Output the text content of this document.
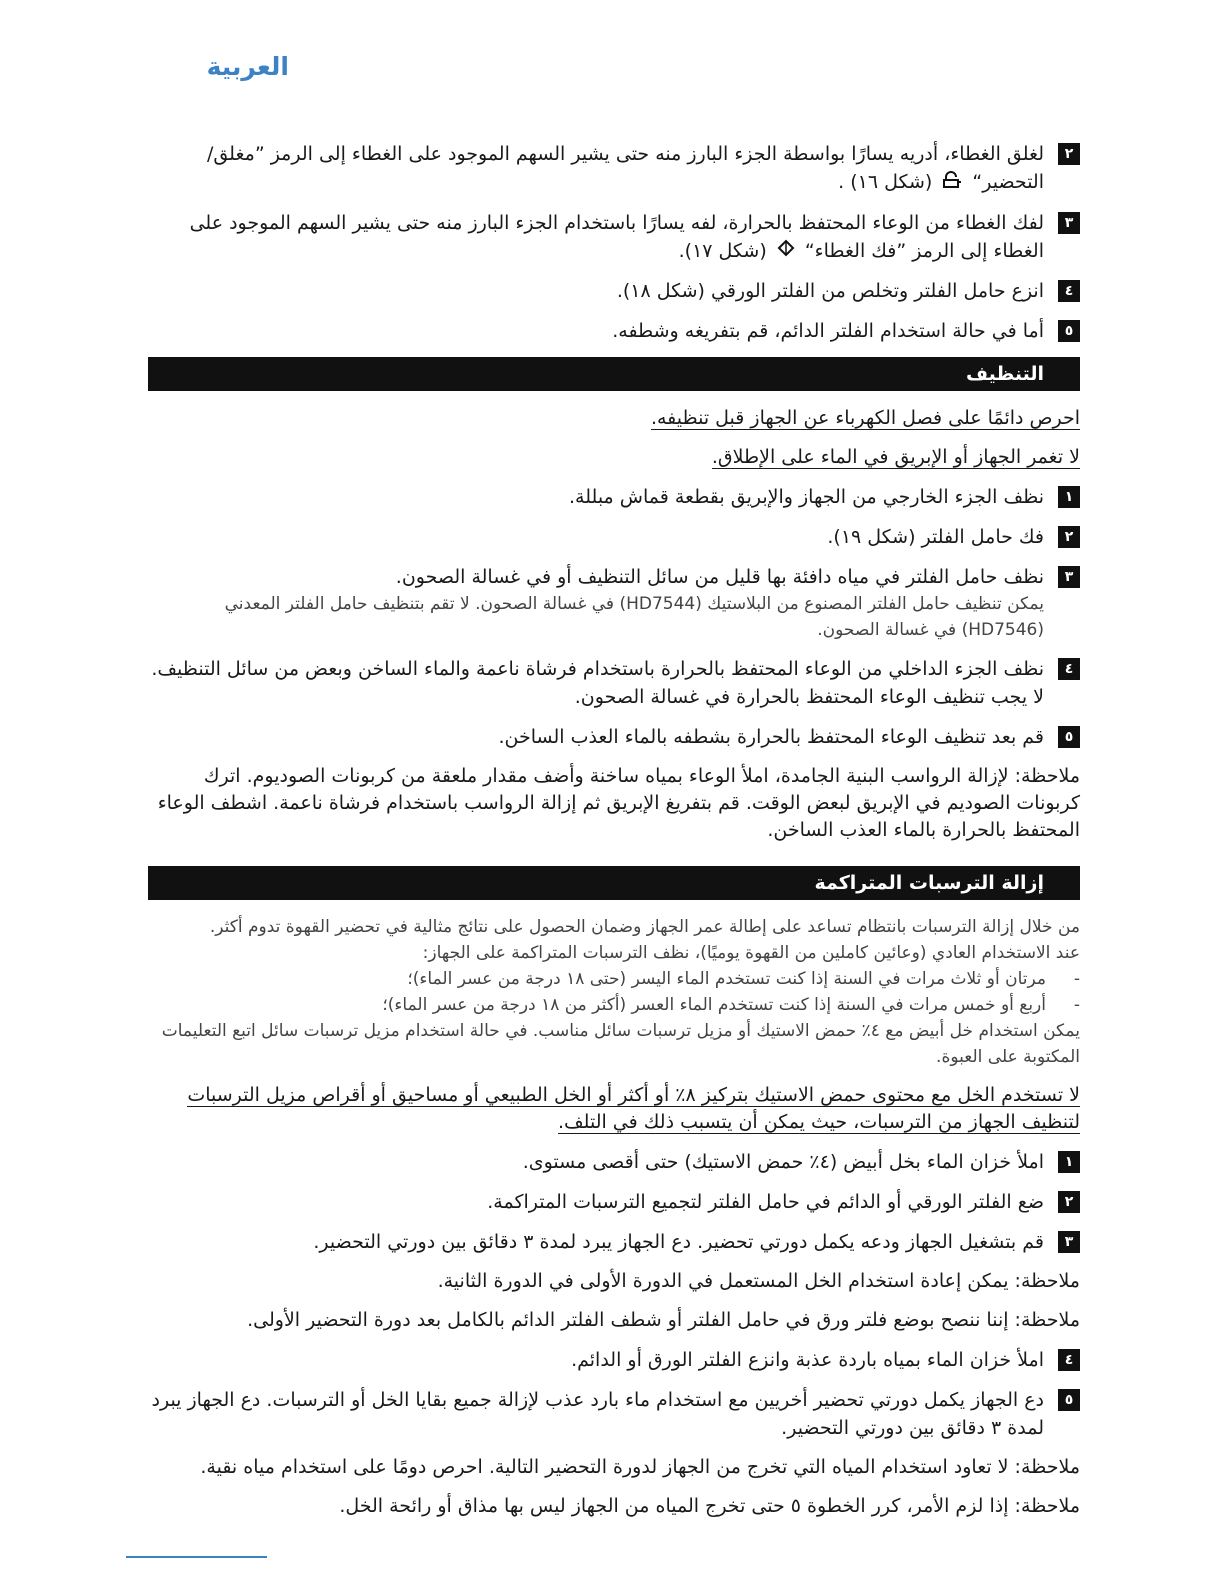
العربية
٢
لغلق الغطاء، أدريه يسارًا بواسطة الجزء البارز منه حتى يشير السهم الموجود على الغطاء إلى الرمز ”مغلق/التحضير“  (شكل ١٦) .
٣
لفك الغطاء من الوعاء المحتفظ بالحرارة، لفه يسارًا باستخدام الجزء البارز منه حتى يشير السهم الموجود على الغطاء إلى الرمز ”فك الغطاء“  (شكل ١٧).
٤
انزع حامل الفلتر وتخلص من الفلتر الورقي (شكل ١٨).
٥
أما في حالة استخدام الفلتر الدائم، قم بتفريغه وشطفه.
التنظيف
احرص دائمًا على فصل الكهرباء عن الجهاز قبل تنظيفه.
لا تغمر الجهاز أو الإبريق في الماء على الإطلاق.
١
نظف الجزء الخارجي من الجهاز والإبريق بقطعة قماش مبللة.
٢
فك حامل الفلتر (شكل ١٩).
٣
نظف حامل الفلتر في مياه دافئة بها قليل من سائل التنظيف أو في غسالة الصحون.
يمكن تنظيف حامل الفلتر المصنوع من البلاستيك (HD7544) في غسالة الصحون. لا تقم بتنظيف حامل الفلتر المعدني (HD7546) في غسالة الصحون.
٤
نظف الجزء الداخلي من الوعاء المحتفظ بالحرارة باستخدام فرشاة ناعمة والماء الساخن وبعض من سائل التنظيف. لا يجب تنظيف الوعاء المحتفظ بالحرارة في غسالة الصحون.
٥
قم بعد تنظيف الوعاء المحتفظ بالحرارة بشطفه بالماء العذب الساخن.
ملاحظة: لإزالة الرواسب البنية الجامدة، املأ الوعاء بمياه ساخنة وأضف مقدار ملعقة من كربونات الصوديوم. اترك كربونات الصوديم في الإبريق لبعض الوقت. قم بتفريغ الإبريق ثم إزالة الرواسب باستخدام فرشاة ناعمة. اشطف الوعاء المحتفظ بالحرارة بالماء العذب الساخن.
إزالة الترسبات المتراكمة
من خلال إزالة الترسبات بانتظام تساعد على إطالة عمر الجهاز وضمان الحصول على نتائج مثالية في تحضير القهوة تدوم أكثر.
عند الاستخدام العادي (وعائين كاملين من القهوة يوميًا)، نظف الترسبات المتراكمة على الجهاز:
-
مرتان أو ثلاث مرات في السنة إذا كنت تستخدم الماء اليسر (حتى ١٨ درجة من عسر الماء)؛
-
أربع أو خمس مرات في السنة إذا كنت تستخدم الماء العسر (أكثر من ١٨ درجة من عسر الماء)؛
يمكن استخدام خل أبيض مع ٤٪ حمض الاستيك أو مزيل ترسبات سائل مناسب. في حالة استخدام مزيل ترسبات سائل اتبع التعليمات المكتوبة على العبوة.
لا تستخدم الخل مع محتوى حمض الاستيك بتركيز ٨٪ أو أكثر أو الخل الطبيعي أو مساحيق أو أقراص مزيل الترسبات لتنظيف الجهاز من الترسبات، حيث يمكن أن يتسبب ذلك في التلف.
١
املأ خزان الماء بخل أبيض (٤٪ حمض الاستيك) حتى أقصى مستوى.
٢
ضع الفلتر الورقي أو الدائم في حامل الفلتر لتجميع الترسبات المتراكمة.
٣
قم بتشغيل الجهاز ودعه يكمل دورتي تحضير. دع الجهاز يبرد لمدة ٣ دقائق بين دورتي التحضير.
ملاحظة: يمكن إعادة استخدام الخل المستعمل في الدورة الأولى في الدورة الثانية.
ملاحظة: إننا ننصح بوضع فلتر ورق في حامل الفلتر أو شطف الفلتر الدائم بالكامل بعد دورة التحضير الأولى.
٤
املأ خزان الماء بمياه باردة عذبة وانزع الفلتر الورق أو الدائم.
٥
دع الجهاز يكمل دورتي تحضير أخريين مع استخدام ماء بارد عذب لإزالة جميع بقايا الخل أو الترسبات. دع الجهاز يبرد لمدة ٣ دقائق بين دورتي التحضير.
ملاحظة: لا تعاود استخدام المياه التي تخرج من الجهاز لدورة التحضير التالية. احرص دومًا على استخدام مياه نقية.
ملاحظة: إذا لزم الأمر، كرر الخطوة ٥ حتى تخرج المياه من الجهاز ليس بها مذاق أو رائحة الخل.
